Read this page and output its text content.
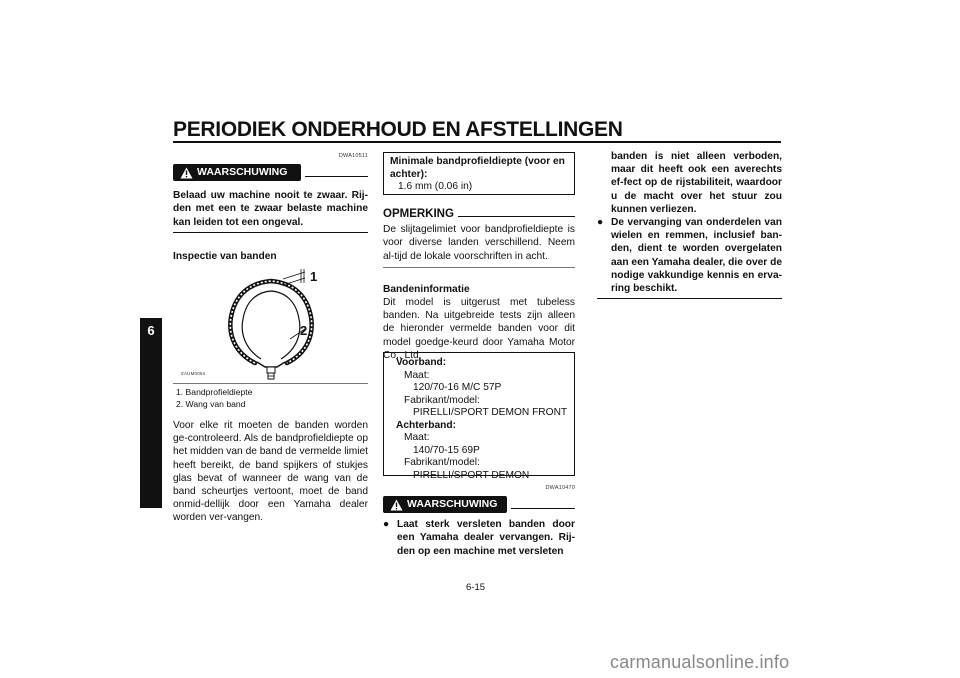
PERIODIEK ONDERHOUD EN AFSTELLINGEN
6
DWA10511
WAARSCHUWING
Belaad uw machine nooit te zwaar. Rij-den met een te zwaar belaste machine kan leiden tot een ongeval.
Inspectie van banden
1
2
ZAUM0054
1. Bandprofieldiepte
2. Wang van band
Voor elke rit moeten de banden worden ge-controleerd. Als de bandprofieldiepte op het midden van de band de vermelde limiet heeft bereikt, de band spijkers of stukjes glas bevat of wanneer de wang van de band scheurtjes vertoont, moet de band onmid-dellijk door een Yamaha dealer worden ver-vangen.
Minimale bandprofieldiepte (voor en achter):
1.6 mm (0.06 in)
OPMERKING
De slijtagelimiet voor bandprofieldiepte is voor diverse landen verschillend. Neem al-tijd de lokale voorschriften in acht.
Bandeninformatie
Dit model is uitgerust met tubeless banden. Na uitgebreide tests zijn alleen de hieronder vermelde banden voor dit model goedge-keurd door Yamaha Motor Co., Ltd.
Voorband:
Maat:
120/70-16 M/C 57P
Fabrikant/model:
PIRELLI/SPORT DEMON FRONT
Achterband:
Maat:
140/70-15 69P
Fabrikant/model:
PIRELLI/SPORT DEMON
DWA10470
WAARSCHUWING
● Laat sterk versleten banden door een Yamaha dealer vervangen. Rij-den op een machine met versleten
banden is niet alleen verboden, maar dit heeft ook een averechts ef-fect op de rijstabiliteit, waardoor u de macht over het stuur zou kunnen verliezen.
● De vervanging van onderdelen van wielen en remmen, inclusief ban-den, dient te worden overgelaten aan een Yamaha dealer, die over de nodige vakkundige kennis en erva-ring beschikt.
6-15
carmanualsonline.info
